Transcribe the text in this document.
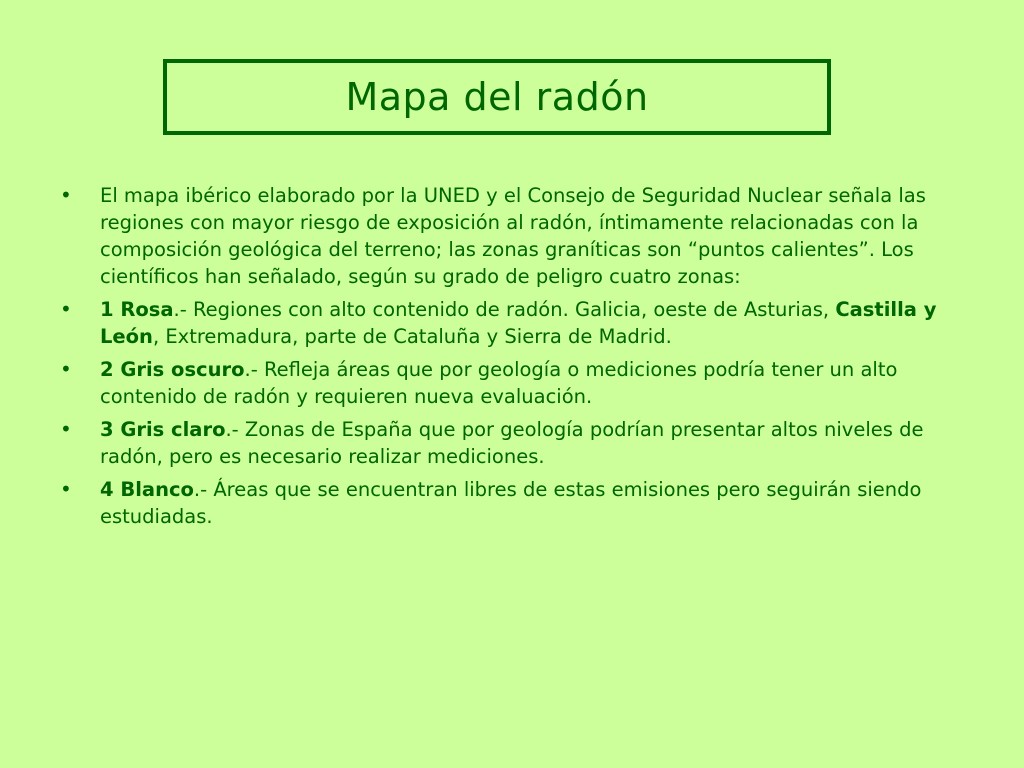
Mapa del radón
• El mapa ibérico elaborado por la UNED y el Consejo de Seguridad Nuclear señala las regiones con mayor riesgo de exposición al radón, íntimamente relacionadas con la composición geológica del terreno; las zonas graníticas son “puntos calientes”. Los científicos han señalado, según su grado de peligro cuatro zonas:
• 1 Rosa.- Regiones con alto contenido de radón. Galicia, oeste de Asturias, Castilla y León, Extremadura, parte de Cataluña y Sierra de Madrid.
• 2 Gris oscuro.- Refleja áreas que por geología o mediciones podría tener un alto contenido de radón y requieren nueva evaluación.
• 3 Gris claro.- Zonas de España que por geología podrían presentar altos niveles de radón, pero es necesario realizar mediciones.
• 4 Blanco.- Áreas que se encuentran libres de estas emisiones pero seguirán siendo estudiadas.
